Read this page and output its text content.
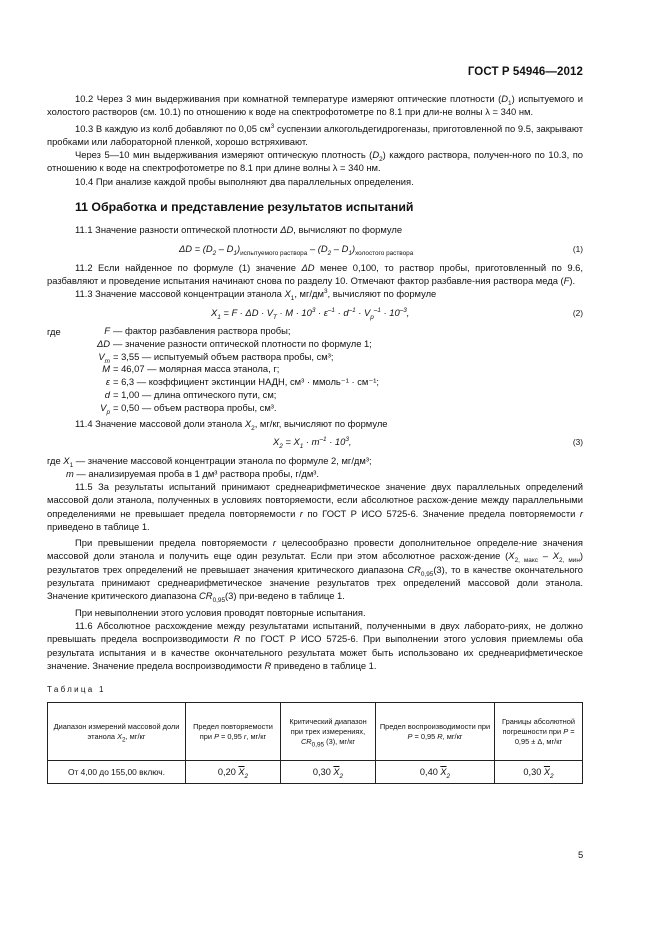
ГОСТ Р 54946—2012

10.2 Через 3 мин выдерживания при комнатной температуре измеряют оптические плотности $(D_1)$ испытуемого и холостого растворов (см. 10.1) по отношению к воде на спектрофотометре по 8.1 при дли-не волны λ = 340 нм.

10.3 В каждую из колб добавляют по 0,05 $см^3$ суспензии алкогольдегидрогеназы, приготовленной по 9.5, закрывают пробками или лабораторной пленкой, хорошо встряхивают.

Через 5—10 мин выдерживания измеряют оптическую плотность $(D_2)$ каждого раствора, получен-ного по 10.3, по отношению к воде на спектрофотометре по 8.1 при длине волны λ = 340 нм.

10.4 При анализе каждой пробы выполняют два параллельных определения.

11 Обработка и представление результатов испытаний

11.1 Значение разности оптической плотности ΔD, вычисляют по формуле

$\Delta D = (D_2 - D_1)_{испытуемого раствора} - (D_2 - D_1)_{холостого раствора}$	(1)

11.2 Если найденное по формуле (1) значение ΔD менее 0,100, то раствор пробы, приготовленный по 9.6, разбавляют и проведение испытания начинают снова по разделу 10. Отмечают фактор разбавле-ния раствора меда (F).

11.3 Значение массовой концентрации этанола $X_1$, $мг/дм^3$, вычисляют по формуле

$X_1 = F \cdot \Delta D \cdot V_T \cdot M \cdot 10^3 \cdot \varepsilon^{-1} \cdot d^{-1} \cdot V_p^{-1} \cdot 10^{-3}$,	(2)
где	F — фактор разбавления раствора пробы;
ΔD — значение разности оптической плотности по формуле 1;
$V_т = 3,55$ — испытуемый объем раствора пробы, см³;
M = 46,07 — молярная масса этанола, г;
ε = 6,3 — коэффициент экстинции НАДН, см³ · ммоль⁻¹ · см⁻¹;
d = 1,00 — длина оптического пути, см;
$V_р = 0,50$ — объем раствора пробы, см³.

11.4 Значение массовой доли этанола $X_2$, мг/кг, вычисляют по формуле

$X_2 = X_1 \cdot m^{-1} \cdot 10^3$,	(3)
где $X_1$ — значение массовой концентрации этанола по формуле 2, мг/дм³;
m — анализируемая проба в 1 дм³ раствора пробы, г/дм³.

11.5 За результаты испытаний принимают среднеарифметическое значение двух параллельных определений массовой доли этанола, полученных в условиях повторяемости, если абсолютное расхож-дение между параллельными определениями не превышает предела повторяемости r по ГОСТ Р ИСО 5725-6. Значение предела повторяемости r приведено в таблице 1.

При превышении предела повторяемости r целесообразно провести дополнительное определе-ние значения массовой доли этанола и получить еще один результат. Если при этом абсолютное расхож-дение $(X_{2, макс} - X_{2, мин})$ результатов трех определений не превышает значения критического диапазона $CR_{0,95}(3)$, то в качестве окончательного результата принимают среднеарифметическое значение результатов трех определений массовой доли этанола. Значение критического диапазона $CR_{0,95}(3)$ при-ведено в таблице 1.

При невыполнении этого условия проводят повторные испытания.

11.6 Абсолютное расхождение между результатами испытаний, полученными в двух лаборато-риях, не должно превышать предела воспроизводимости R по ГОСТ Р ИСО 5725-6. При выполнении этого условия приемлемы оба результата испытания и в качестве окончательного результата может быть использовано их среднеарифметическое значение. Значение предела воспроизводимости R приведено в таблице 1.

Таблица 1
Диапазон измерений массовой доли этанола $X_2$, мг/кг	Предел повторяемости при P = 0,95 r, мг/кг	Критический диапазон при трех измерениях, $CR_{0,95}$ (3), мг/кг	Предел воспроизводимости при P = 0,95 R, мг/кг	Границы абсолютной погрешности при P = 0,95 ± Δ, мг/кг
От 4,00 до 155,00 включ.	0,20 $\overline{X}_2$	0,30 $\overline{X}_2$	0,40 $\overline{X}_2$	0,30 $\overline{X}_2$
5
